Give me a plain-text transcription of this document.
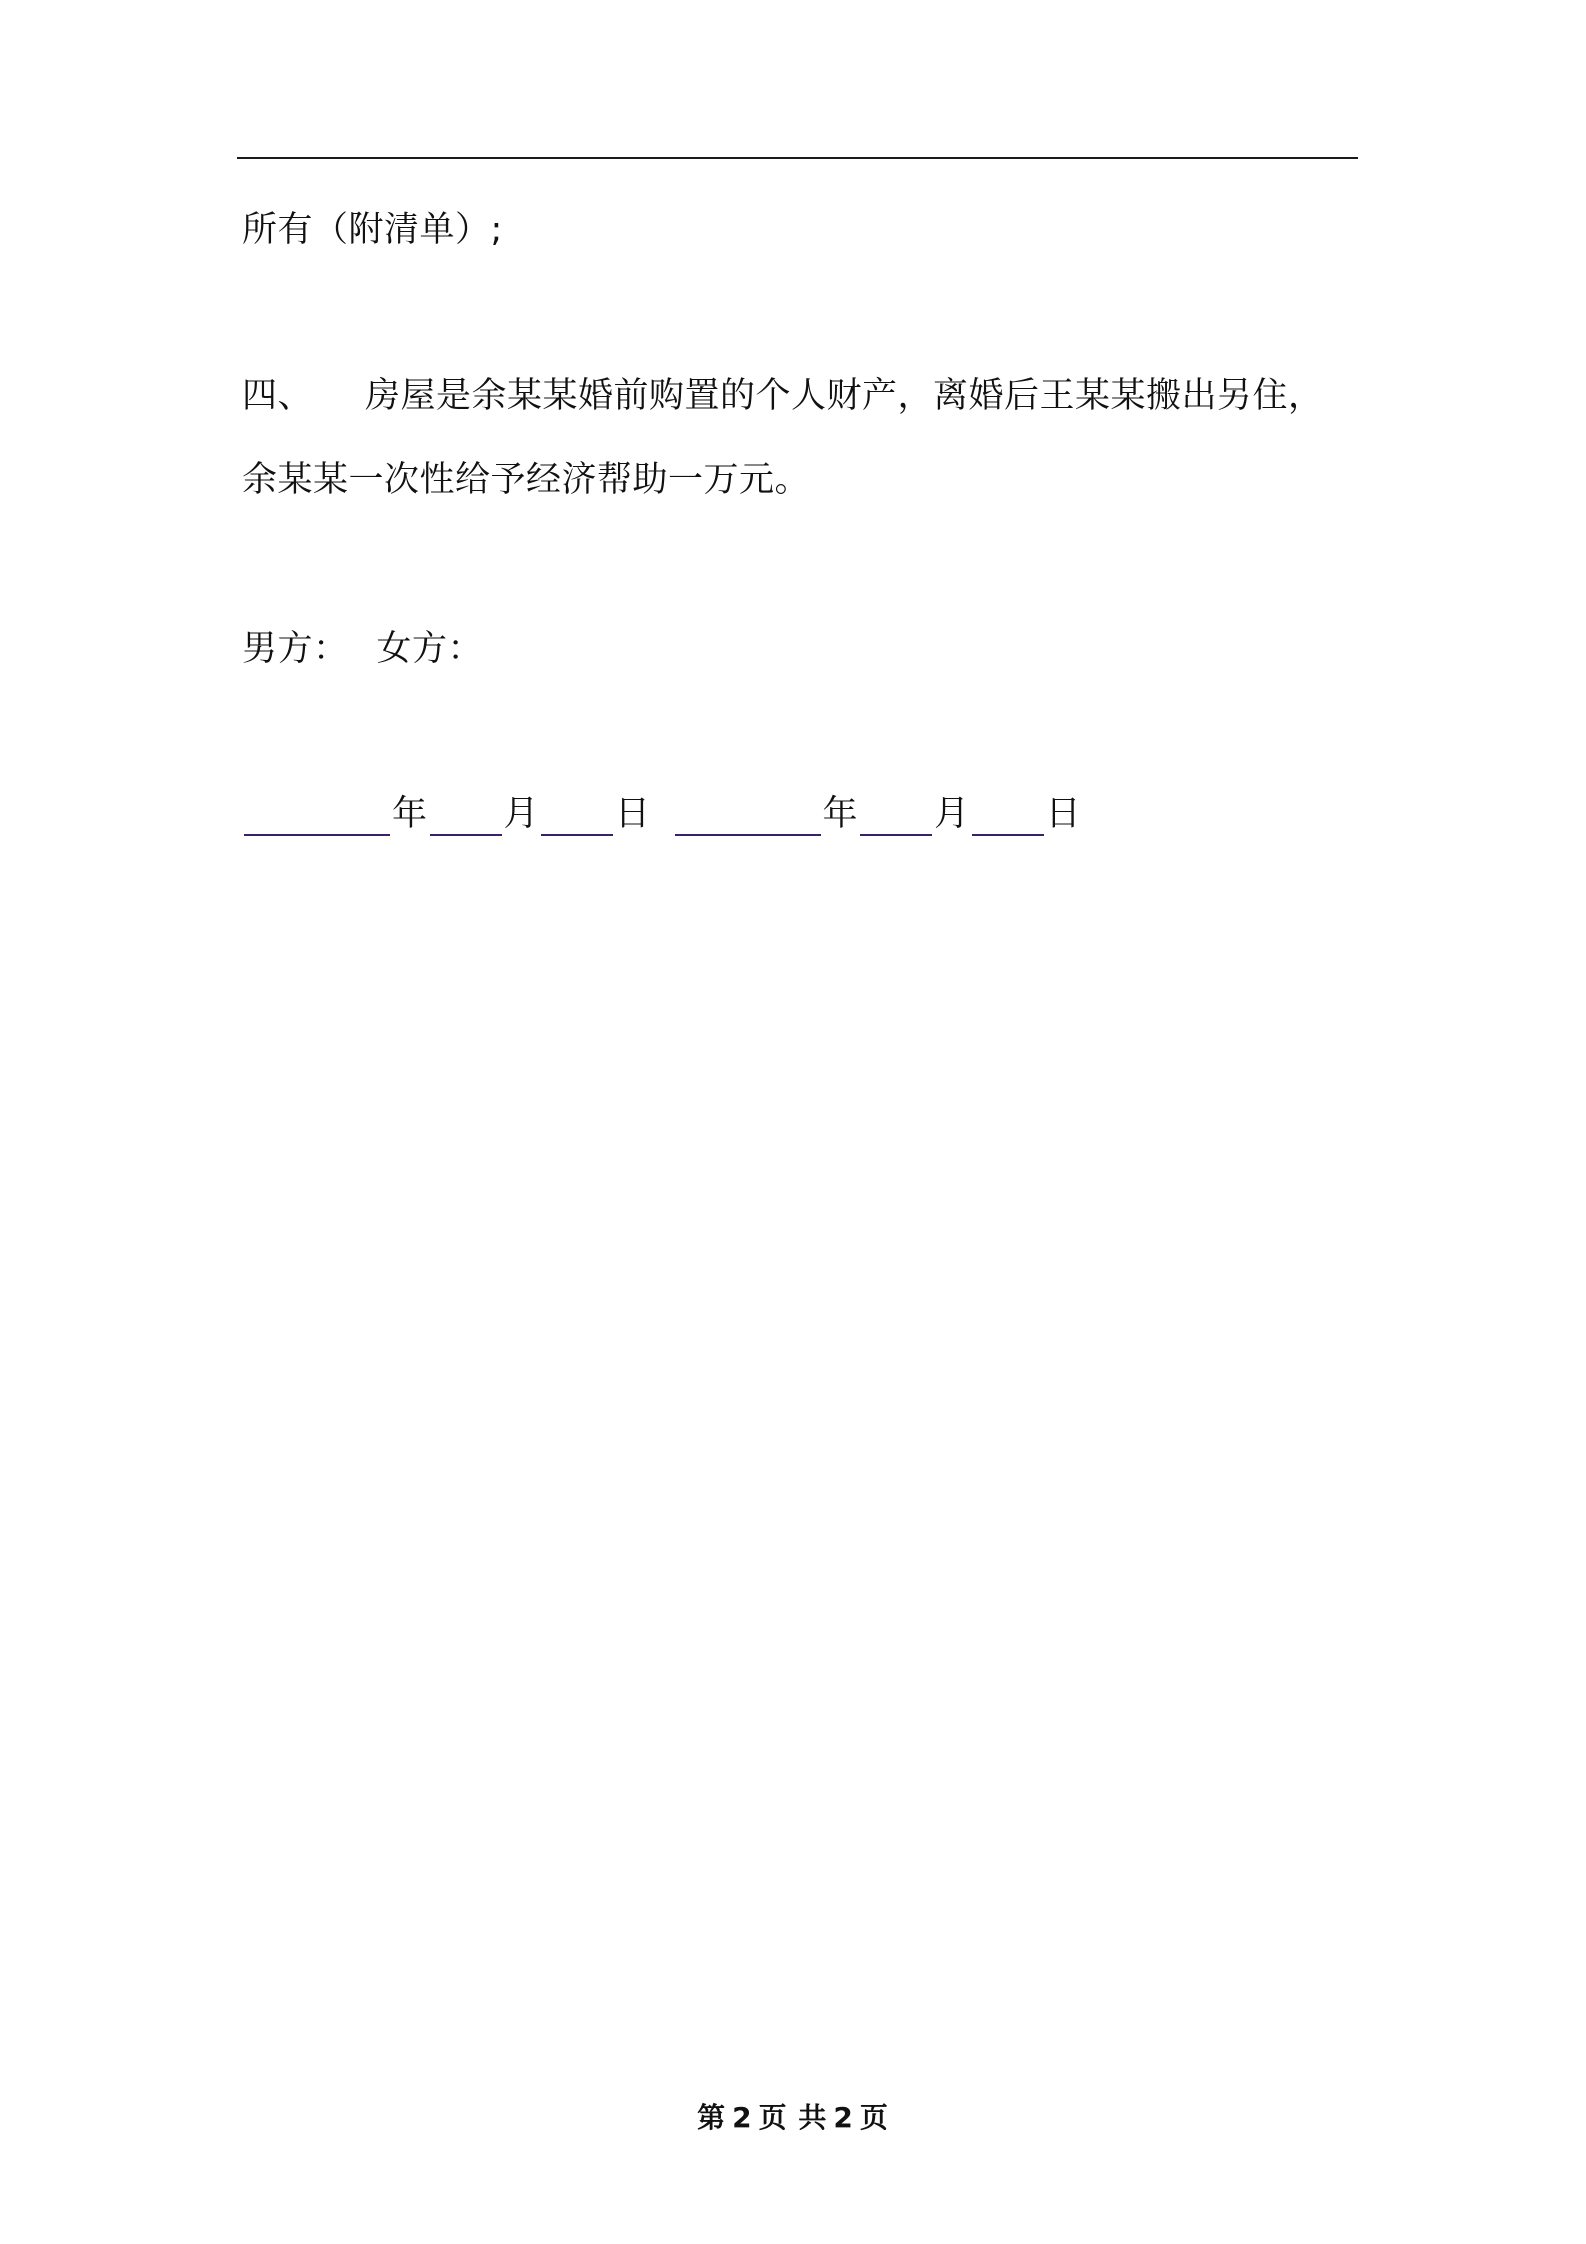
所有（附清单）;
四、 房屋是余某某婚前购置的个人财产，离婚后王某某搬出另住，
余某某一次性给予经济帮助一万元。
男方： 女方：
年 月 日	年 月 日
第 2 页 共 2 页
